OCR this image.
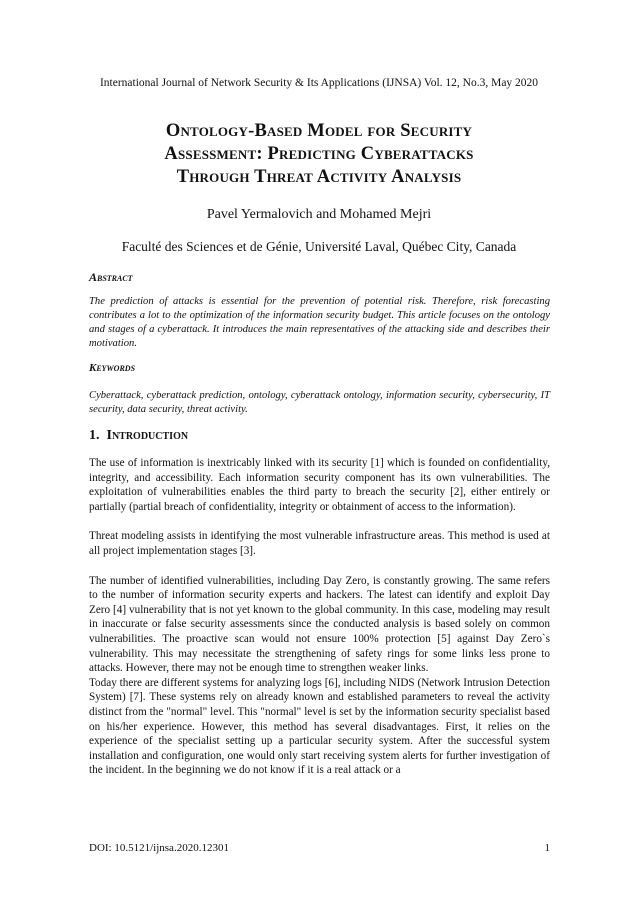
International Journal of Network Security & Its Applications (IJNSA) Vol. 12, No.3, May 2020
Ontology-Based Model for Security
Assessment: Predicting Cyberattacks
Through Threat Activity Analysis
Pavel Yermalovich and Mohamed Mejri
Faculté des Sciences et de Génie, Université Laval, Québec City, Canada
Abstract
The prediction of attacks is essential for the prevention of potential risk. Therefore, risk forecasting contributes a lot to the optimization of the information security budget. This article focuses on the ontology and stages of a cyberattack. It introduces the main representatives of the attacking side and describes their motivation.
Keywords
Cyberattack, cyberattack prediction, ontology, cyberattack ontology, information security, cybersecurity, IT security, data security, threat activity.
1. Introduction

The use of information is inextricably linked with its security [1] which is founded on confidentiality, integrity, and accessibility. Each information security component has its own vulnerabilities. The exploitation of vulnerabilities enables the third party to breach the security [2], either entirely or partially (partial breach of confidentiality, integrity or obtainment of access to the information).

Threat modeling assists in identifying the most vulnerable infrastructure areas. This method is used at all project implementation stages [3].

The number of identified vulnerabilities, including Day Zero, is constantly growing. The same refers to the number of information security experts and hackers. The latest can identify and exploit Day Zero [4] vulnerability that is not yet known to the global community. In this case, modeling may result in inaccurate or false security assessments since the conducted analysis is based solely on common vulnerabilities. The proactive scan would not ensure 100% protection [5] against Day Zero`s vulnerability. This may necessitate the strengthening of safety rings for some links less prone to attacks. However, there may not be enough time to strengthen weaker links.

Today there are different systems for analyzing logs [6], including NIDS (Network Intrusion Detection System) [7]. These systems rely on already known and established parameters to reveal the activity distinct from the "normal" level. This "normal" level is set by the information security specialist based on his/her experience. However, this method has several disadvantages. First, it relies on the experience of the specialist setting up a particular security system. After the successful system installation and configuration, one would only start receiving system alerts for further investigation of the incident. In the beginning we do not know if it is a real attack or a

DOI: 10.5121/ijnsa.2020.12301	1
